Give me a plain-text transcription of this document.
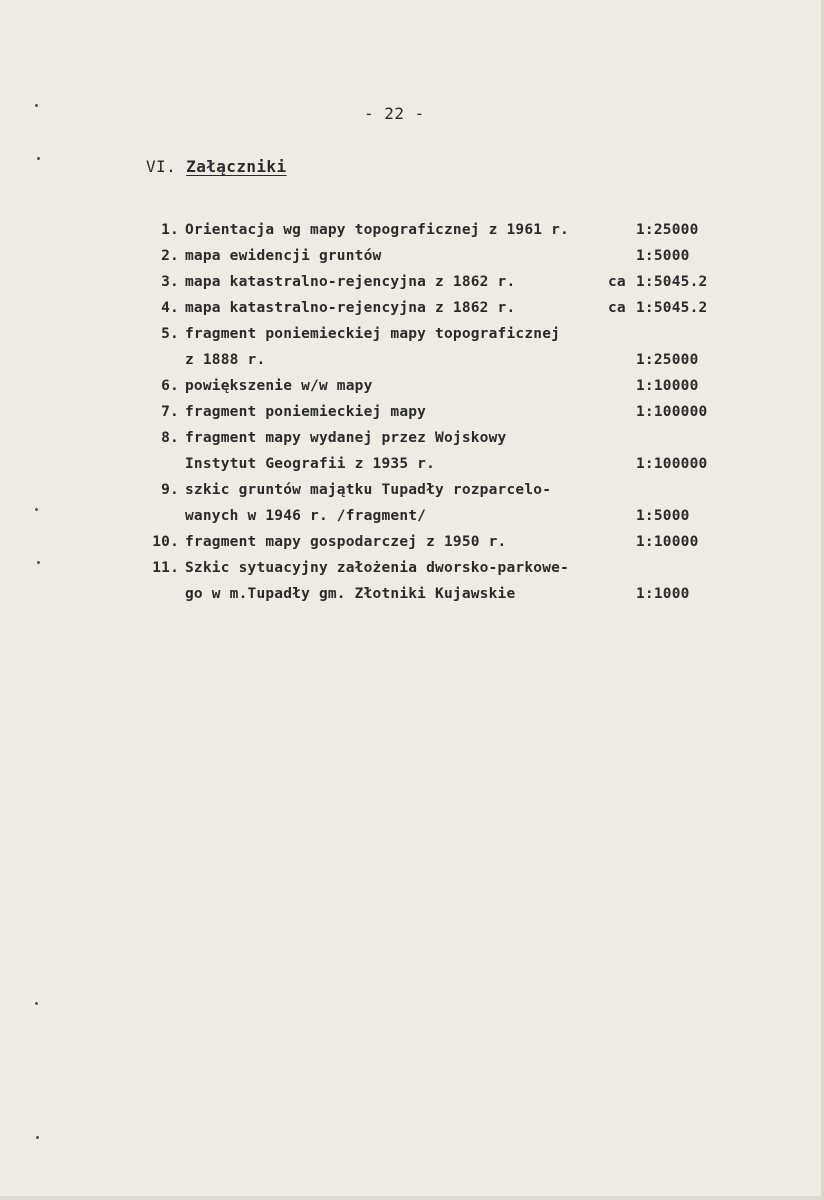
- 22 -
VI. Załączniki
1. Orientacja wg mapy topograficznej z 1961 r.	1:25000
2. mapa ewidencji gruntów	1:5000
3. mapa katastralno-rejencyjna z 1862 r.	ca 1:5045.2
4. mapa katastralno-rejencyjna z 1862 r.	ca 1:5045.2
5. fragment poniemieckiej mapy topograficznej
z 1888 r.	1:25000
6. powiększenie w/w mapy	1:10000
7. fragment poniemieckiej mapy	1:100000
8. fragment mapy wydanej przez Wojskowy
Instytut Geografii z 1935 r.	1:100000
9. szkic gruntów majątku Tupadły rozparcelo-
wanych w 1946 r. /fragment/	1:5000
10. fragment mapy gospodarczej z 1950 r.	1:10000
11. Szkic sytuacyjny założenia dworsko-parkowe-
go w m.Tupadły gm. Złotniki Kujawskie	1:1000
